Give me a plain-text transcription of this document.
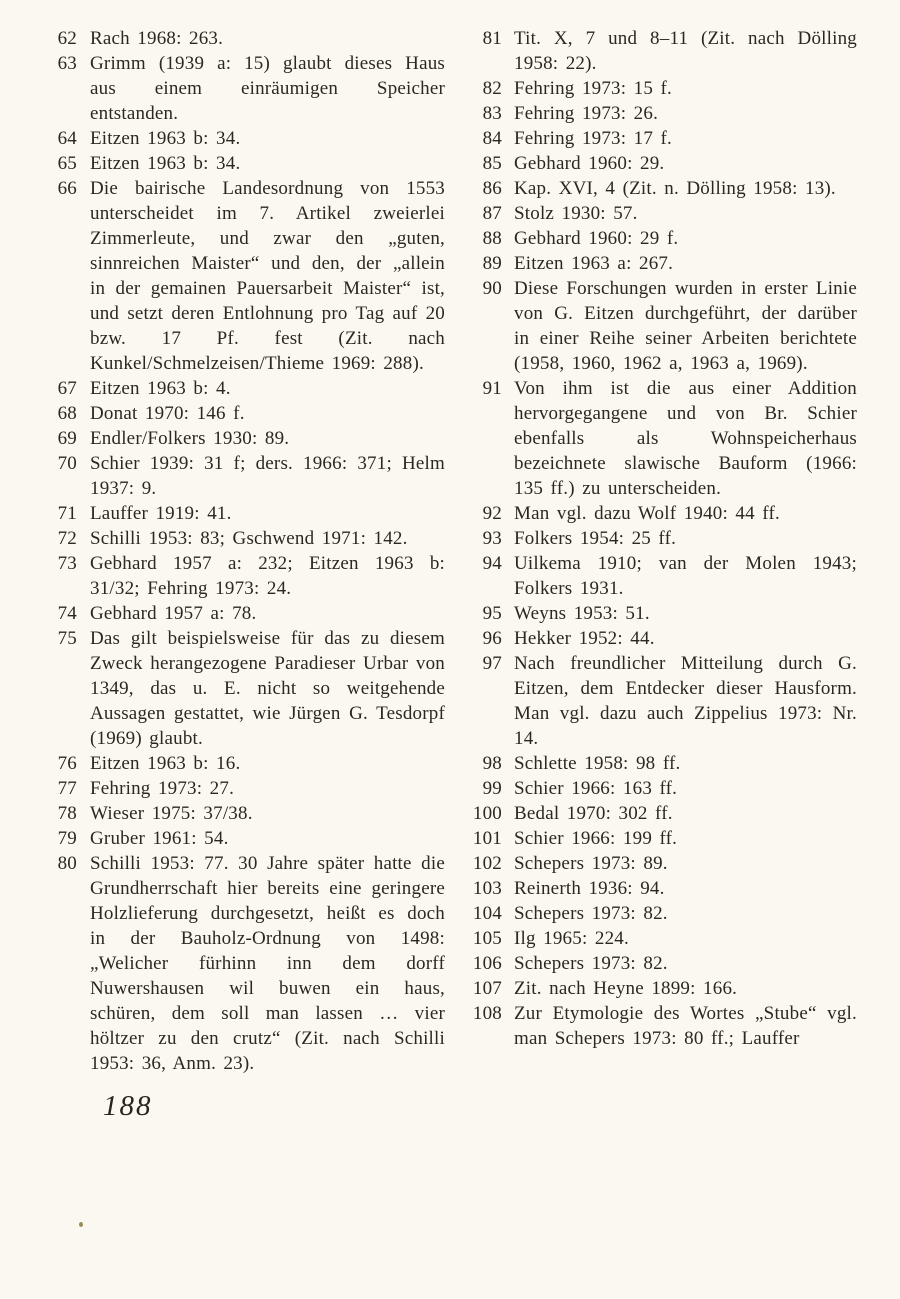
62 Rach 1968: 263.
63 Grimm (1939 a: 15) glaubt dieses Haus aus einem einräumigen Speicher entstanden.
64 Eitzen 1963 b: 34.
65 Eitzen 1963 b: 34.
66 Die bairische Landesordnung von 1553 unterscheidet im 7. Artikel zweierlei Zimmerleute, und zwar den „guten, sinnreichen Maister“ und den, der „allein in der gemainen Pauersarbeit Maister“ ist, und setzt deren Entlohnung pro Tag auf 20 bzw. 17 Pf. fest (Zit. nach Kunkel/Schmelzeisen/Thieme 1969: 288).
67 Eitzen 1963 b: 4.
68 Donat 1970: 146 f.
69 Endler/Folkers 1930: 89.
70 Schier 1939: 31 f; ders. 1966: 371; Helm 1937: 9.
71 Lauffer 1919: 41.
72 Schilli 1953: 83; Gschwend 1971: 142.
73 Gebhard 1957 a: 232; Eitzen 1963 b: 31/32; Fehring 1973: 24.
74 Gebhard 1957 a: 78.
75 Das gilt beispielsweise für das zu diesem Zweck herangezogene Paradieser Urbar von 1349, das u. E. nicht so weitgehende Aussagen gestattet, wie Jürgen G. Tesdorpf (1969) glaubt.
76 Eitzen 1963 b: 16.
77 Fehring 1973: 27.
78 Wieser 1975: 37/38.
79 Gruber 1961: 54.
80 Schilli 1953: 77. 30 Jahre später hatte die Grundherrschaft hier bereits eine geringere Holzlieferung durchgesetzt, heißt es doch in der Bauholz-Ordnung von 1498: „Welicher fürhinn inn dem dorff Nuwershausen wil buwen ein haus, schüren, dem soll man lassen … vier höltzer zu den crutz“ (Zit. nach Schilli 1953: 36, Anm. 23).
81 Tit. X, 7 und 8–11 (Zit. nach Dölling 1958: 22).
82 Fehring 1973: 15 f.
83 Fehring 1973: 26.
84 Fehring 1973: 17 f.
85 Gebhard 1960: 29.
86 Kap. XVI, 4 (Zit. n. Dölling 1958: 13).
87 Stolz 1930: 57.
88 Gebhard 1960: 29 f.
89 Eitzen 1963 a: 267.
90 Diese Forschungen wurden in erster Linie von G. Eitzen durchgeführt, der darüber in einer Reihe seiner Arbeiten berichtete (1958, 1960, 1962 a, 1963 a, 1969).
91 Von ihm ist die aus einer Addition hervorgegangene und von Br. Schier ebenfalls als Wohnspeicherhaus bezeichnete slawische Bauform (1966: 135 ff.) zu unterscheiden.
92 Man vgl. dazu Wolf 1940: 44 ff.
93 Folkers 1954: 25 ff.
94 Uilkema 1910; van der Molen 1943; Folkers 1931.
95 Weyns 1953: 51.
96 Hekker 1952: 44.
97 Nach freundlicher Mitteilung durch G. Eitzen, dem Entdecker dieser Hausform. Man vgl. dazu auch Zippelius 1973: Nr. 14.
98 Schlette 1958: 98 ff.
99 Schier 1966: 163 ff.
100 Bedal 1970: 302 ff.
101 Schier 1966: 199 ff.
102 Schepers 1973: 89.
103 Reinerth 1936: 94.
104 Schepers 1973: 82.
105 Ilg 1965: 224.
106 Schepers 1973: 82.
107 Zit. nach Heyne 1899: 166.
108 Zur Etymologie des Wortes „Stube“ vgl. man Schepers 1973: 80 ff.; Lauffer
188
